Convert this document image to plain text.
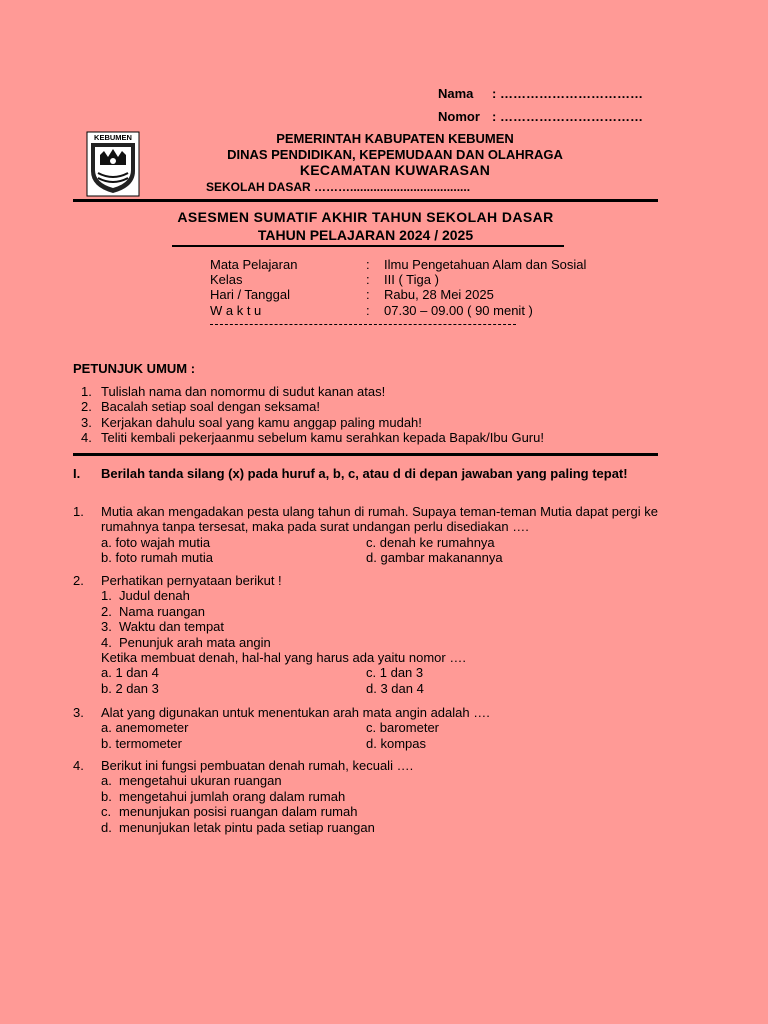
Nama : ……………………………
Nomor : ……………………………
KEBUMEN	PEMERINTAH KABUPATEN KEBUMEN
DINAS PENDIDIKAN, KEPEMUDAAN DAN OLAHRAGA
KECAMATAN KUWARASAN
SEKOLAH DASAR ………....................................
ASESMEN SUMATIF AKHIR TAHUN SEKOLAH DASAR
TAHUN PELAJARAN 2024 / 2025
Mata Pelajaran	: Ilmu Pengetahuan Alam dan Sosial
Kelas	: III ( Tiga )
Hari / Tanggal	: Rabu, 28 Mei 2025
W a k t u	: 07.30 – 09.00 ( 90 menit )
PETUNJUK UMUM :
1. Tulislah nama dan nomormu di sudut kanan atas!
2. Bacalah setiap soal dengan seksama!
3. Kerjakan dahulu soal yang kamu anggap paling mudah!
4. Teliti kembali pekerjaanmu sebelum kamu serahkan kepada Bapak/Ibu Guru!
I. Berilah tanda silang (x) pada huruf a, b, c, atau d di depan jawaban yang paling tepat!
1. Mutia akan mengadakan pesta ulang tahun di rumah. Supaya teman-teman Mutia dapat pergi ke rumahnya tanpa tersesat, maka pada surat undangan perlu disediakan ….
a. foto wajah mutia	c. denah ke rumahnya
b. foto rumah mutia	d. gambar makanannya
2. Perhatikan pernyataan berikut !
1. Judul denah
2. Nama ruangan
3. Waktu dan tempat
4. Penunjuk arah mata angin
Ketika membuat denah, hal-hal yang harus ada yaitu nomor ….
a. 1 dan 4	c. 1 dan 3
b. 2 dan 3	d. 3 dan 4
3. Alat yang digunakan untuk menentukan arah mata angin adalah ….
a. anemometer	c. barometer
b. termometer	d. kompas
4. Berikut ini fungsi pembuatan denah rumah, kecuali ….
a. mengetahui ukuran ruangan
b. mengetahui jumlah orang dalam rumah
c. menunjukan posisi ruangan dalam rumah
d. menunjukan letak pintu pada setiap ruangan
